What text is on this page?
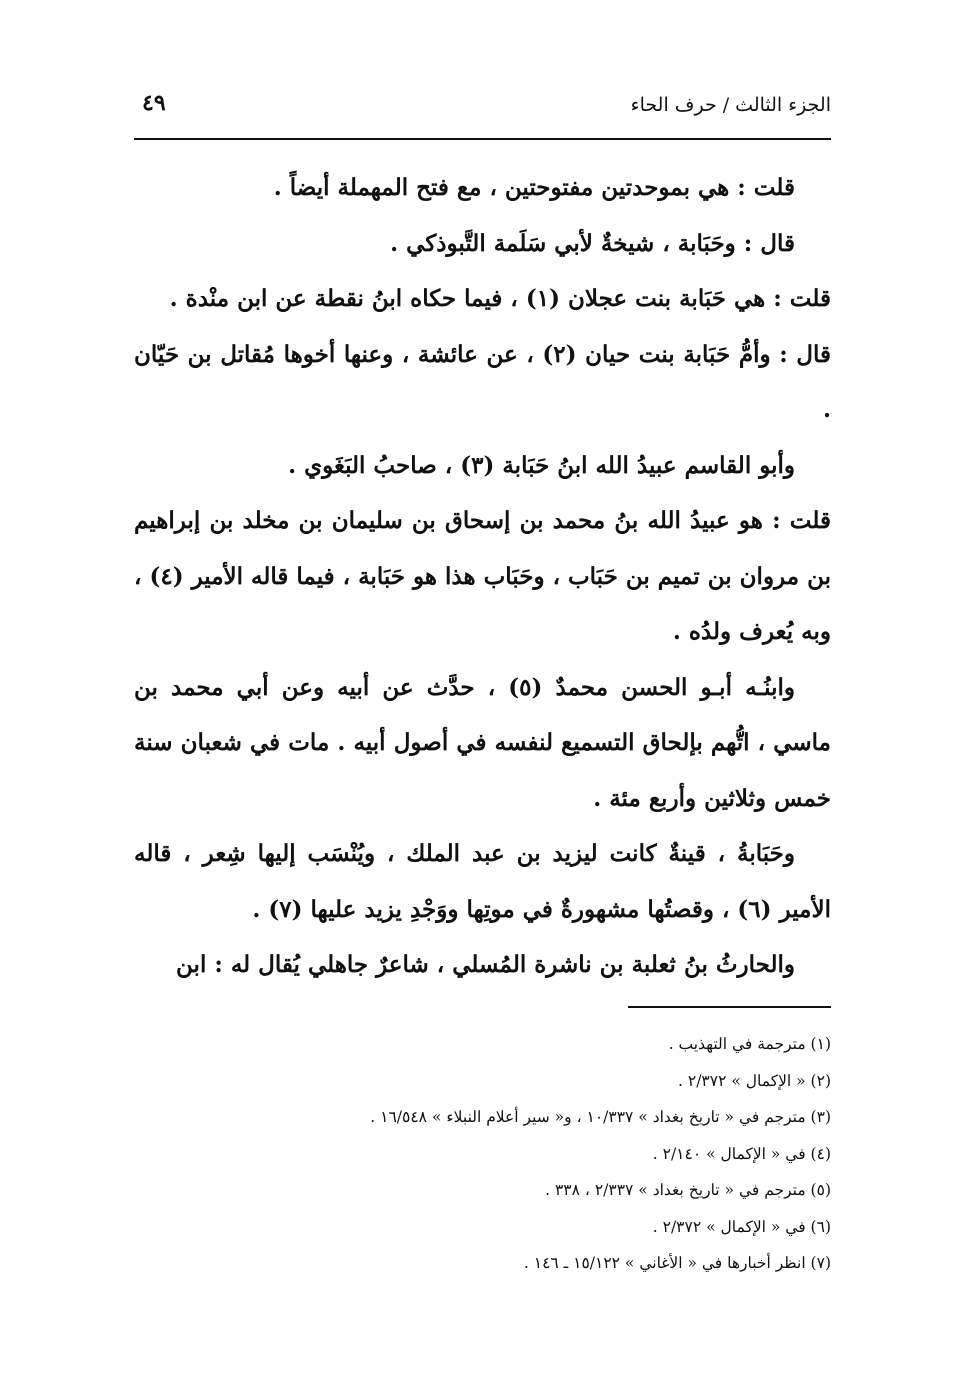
الجزء الثالث / حرف الحاء
٤٩

قلت : هي بموحدتين مفتوحتين ، مع فتح المهملة أيضاً .

قال : وحَبَابة ، شيخةٌ لأبي سَلَمة التَّبوذكي .

قلت : هي حَبَابة بنت عجلان (١) ، فيما حكاه ابنُ نقطة عن ابن منْدة .

قال : وأمُّ حَبَابة بنت حيان (٢) ، عن عائشة ، وعنها أخوها مُقاتل بن حَيّان .

وأبو القاسم عبيدُ الله ابنُ حَبَابة (٣) ، صاحبُ البَغَوي .

قلت : هو عبيدُ الله بنُ محمد بن إسحاق بن سليمان بن مخلد بن إبراهيم بن مروان بن تميم بن حَبَاب ، وحَبَاب هذا هو حَبَابة ، فيما قاله الأمير (٤) ، وبه يُعرف ولدُه .

وابنُـه أبـو الحسن محمدٌ (٥) ، حدَّث عن أبيه وعن أبي محمد بن ماسي ، اتُّهم بإلحاق التسميع لنفسه في أصول أبيه . مات في شعبان سنة خمس وثلاثين وأربع مئة .

وحَبَابةُ ، قينةٌ كانت ليزيد بن عبد الملك ، ويُنْسَب إليها شِعر ، قاله الأمير (٦) ، وقصتُها مشهورةٌ في موتِها ووَجْدِ يزيد عليها (٧) .

والحارثُ بنُ ثعلبة بن ناشرة المُسلي ، شاعرٌ جاهلي يُقال له : ابن

(١) مترجمة في التهذيب .

(٢) « الإكمال » ٢/٣٧٢ .

(٣) مترجم في « تاريخ بغداد » ١٠/٣٣٧ ، و« سير أعلام النبلاء » ١٦/٥٤٨ .

(٤) في « الإكمال » ٢/١٤٠ .

(٥) مترجم في « تاريخ بغداد » ٢/٣٣٧ ، ٣٣٨ .

(٦) في « الإكمال » ٢/٣٧٢ .

(٧) انظر أخبارها في « الأغاني » ١٥/١٢٢ ـ ١٤٦ .
